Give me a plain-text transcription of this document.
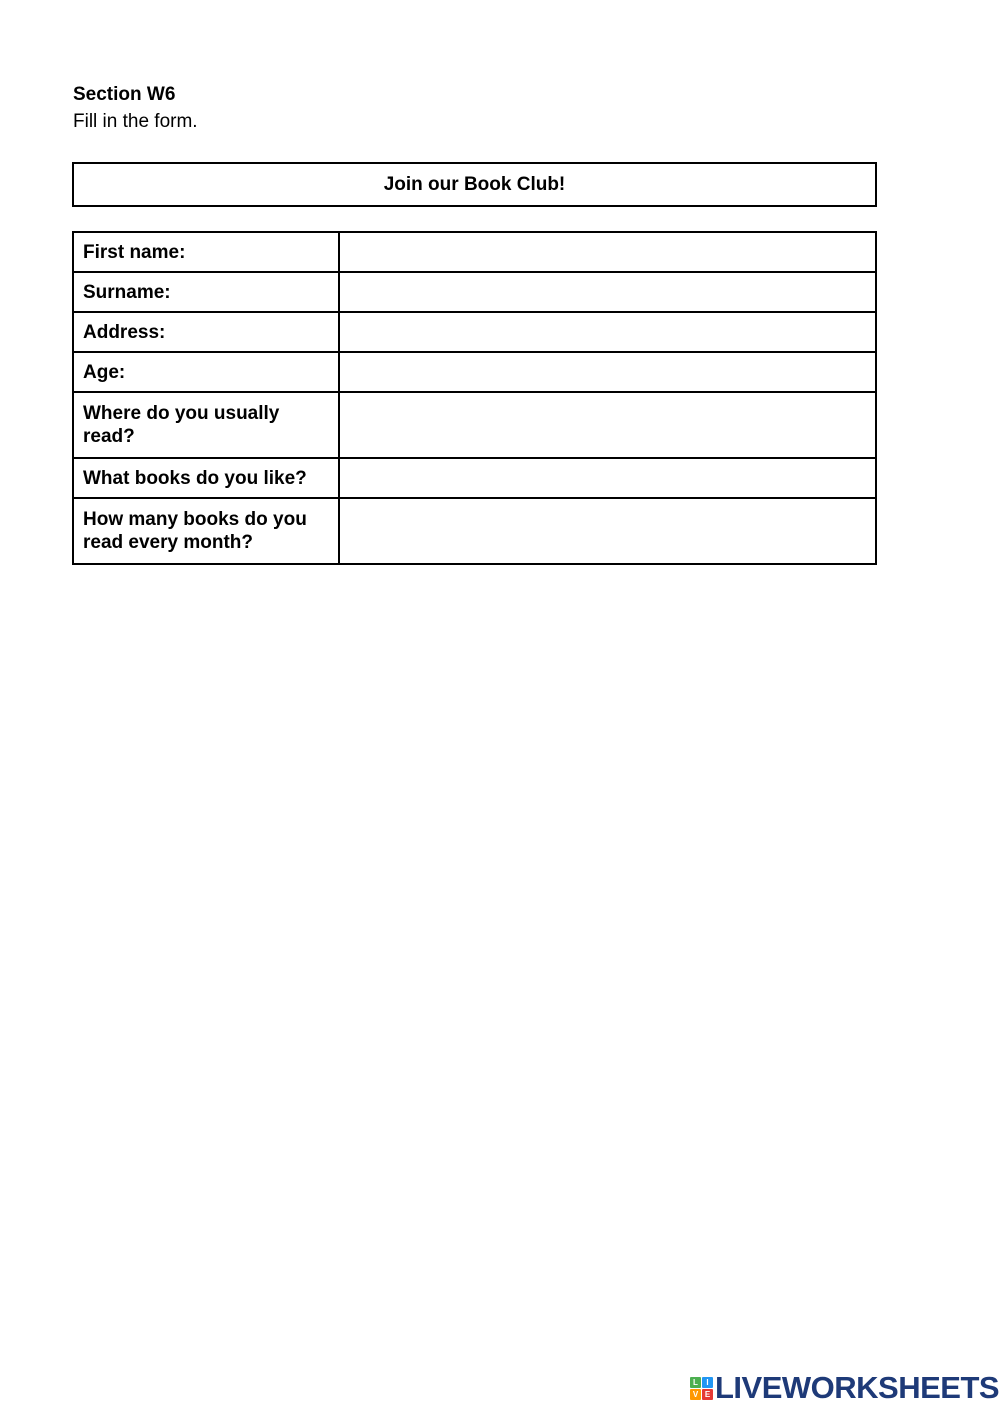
Section W6
Fill in the form.
Join our Book Club!
First name:	
Surname:	
Address:	
Age:	
Where do you usually read?	
What books do you like?	
How many books do you read every month?	
L	I
V E LIVEWORKSHEETS
